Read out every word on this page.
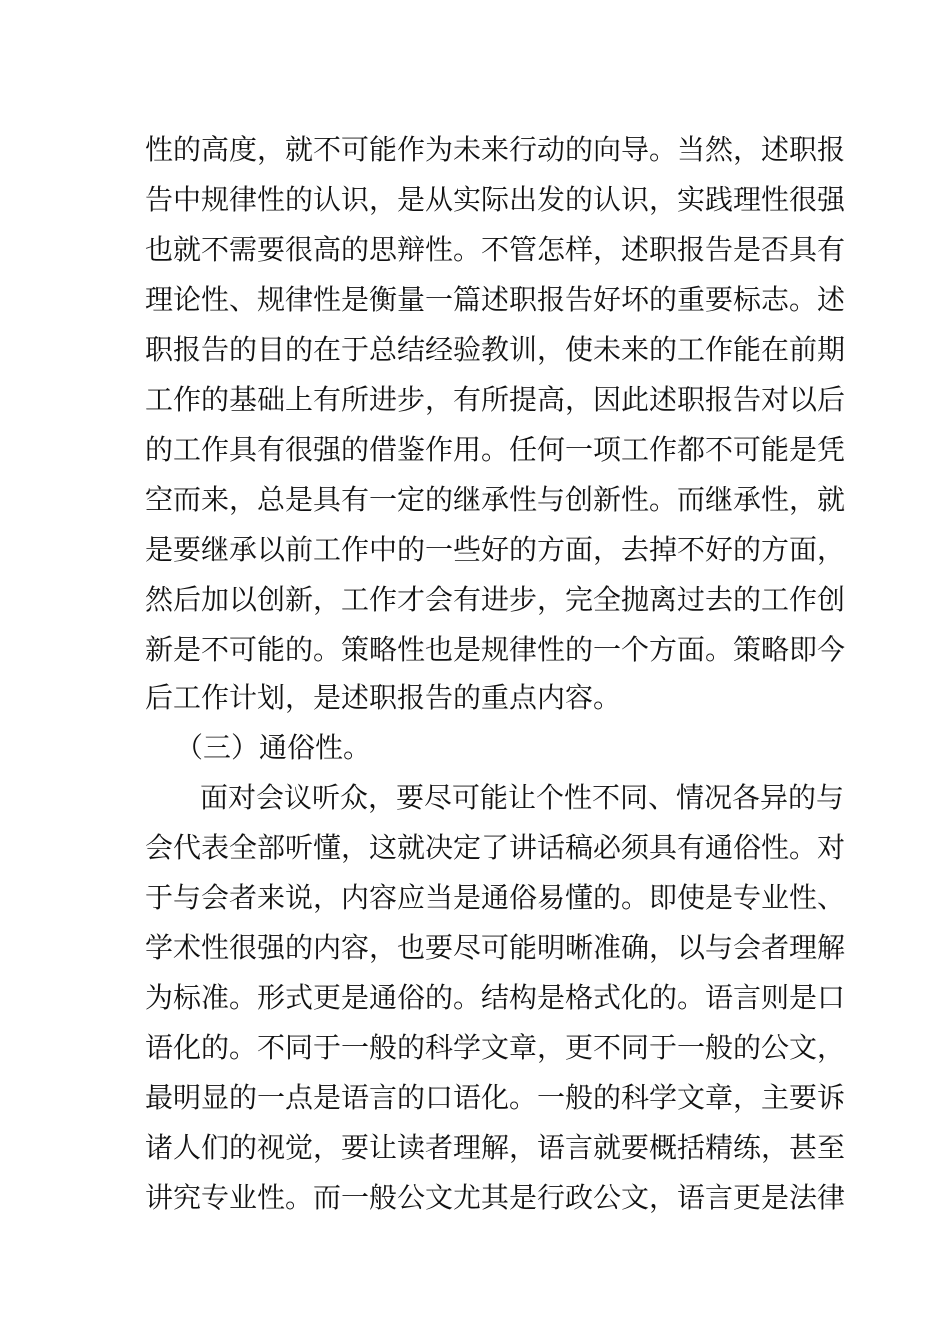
性的高度，就不可能作为未来行动的向导。当然，述职报
告中规律性的认识，是从实际出发的认识，实践理性很强
也就不需要很高的思辩性。不管怎样，述职报告是否具有
理论性、规律性是衡量一篇述职报告好坏的重要标志。述
职报告的目的在于总结经验教训，使未来的工作能在前期
工作的基础上有所进步，有所提高，因此述职报告对以后
的工作具有很强的借鉴作用。任何一项工作都不可能是凭
空而来，总是具有一定的继承性与创新性。而继承性，就
是要继承以前工作中的一些好的方面，去掉不好的方面，
然后加以创新，工作才会有进步，完全抛离过去的工作创
新是不可能的。策略性也是规律性的一个方面。策略即今
后工作计划，是述职报告的重点内容。
（三）通俗性。
面对会议听众，要尽可能让个性不同、情况各异的与
会代表全部听懂，这就决定了讲话稿必须具有通俗性。对
于与会者来说，内容应当是通俗易懂的。即使是专业性、
学术性很强的内容，也要尽可能明晰准确，以与会者理解
为标准。形式更是通俗的。结构是格式化的。语言则是口
语化的。不同于一般的科学文章，更不同于一般的公文，
最明显的一点是语言的口语化。一般的科学文章，主要诉
诸人们的视觉，要让读者理解，语言就要概括精练，甚至
讲究专业性。而一般公文尤其是行政公文，语言更是法律
